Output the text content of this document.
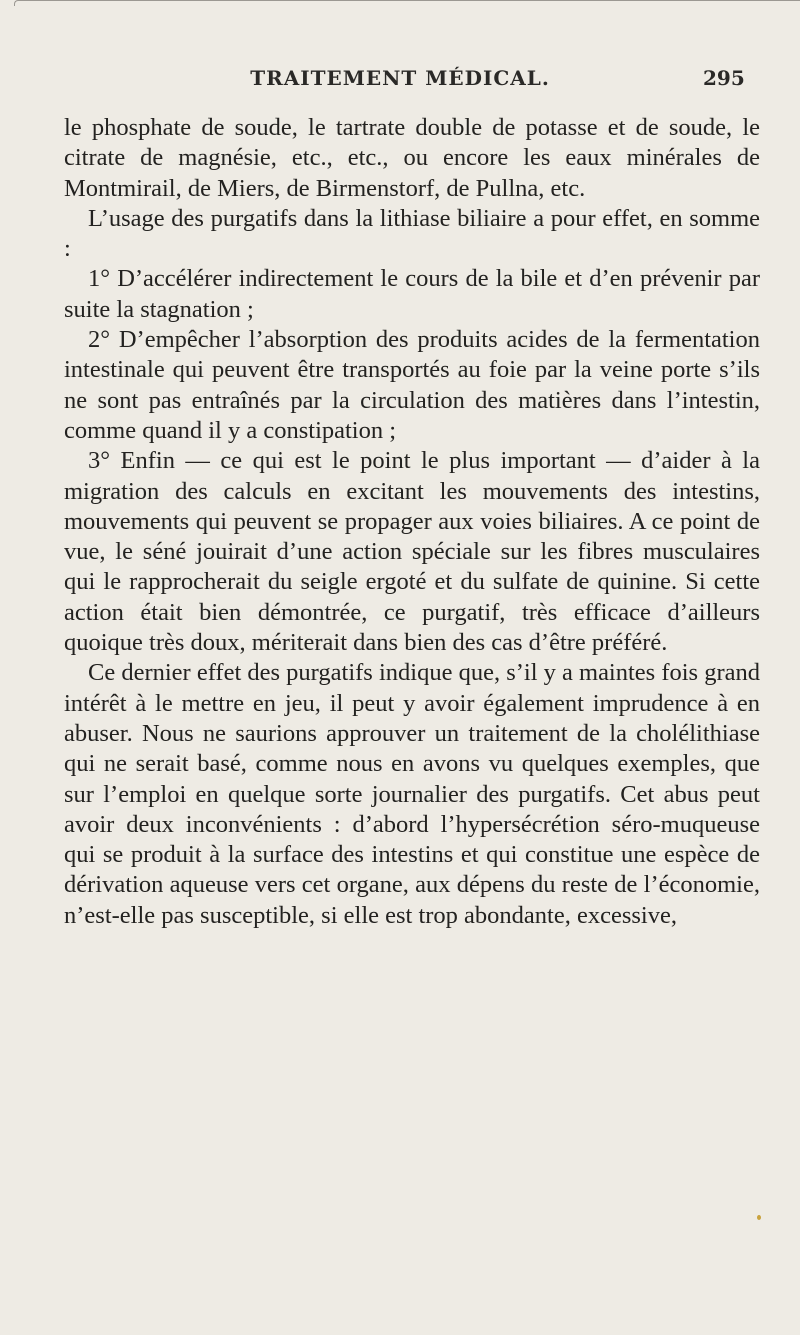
TRAITEMENT MÉDICAL.	295

le phosphate de soude, le tartrate double de potasse et de soude, le citrate de magnésie, etc., etc., ou encore les eaux minérales de Montmirail, de Miers, de Birmenstorf, de Pullna, etc.

L’usage des purgatifs dans la lithiase biliaire a pour effet, en somme :

1° D’accélérer indirectement le cours de la bile et d’en prévenir par suite la stagnation ;

2° D’empêcher l’absorption des produits acides de la fermentation intestinale qui peuvent être transportés au foie par la veine porte s’ils ne sont pas entraînés par la circulation des matières dans l’intestin, comme quand il y a constipation ;

3° Enfin — ce qui est le point le plus important — d’aider à la migration des calculs en excitant les mouvements des intestins, mouvements qui peuvent se propager aux voies biliaires. A ce point de vue, le séné jouirait d’une action spéciale sur les fibres musculaires qui le rapprocherait du seigle ergoté et du sulfate de quinine. Si cette action était bien démontrée, ce purgatif, très efficace d’ailleurs quoique très doux, mériterait dans bien des cas d’être préféré.

Ce dernier effet des purgatifs indique que, s’il y a maintes fois grand intérêt à le mettre en jeu, il peut y avoir également imprudence à en abuser. Nous ne saurions approuver un traitement de la cholélithiase qui ne serait basé, comme nous en avons vu quelques exemples, que sur l’emploi en quelque sorte journalier des purgatifs. Cet abus peut avoir deux inconvénients : d’abord l’hypersécrétion séro-muqueuse qui se produit à la surface des intestins et qui constitue une espèce de dérivation aqueuse vers cet organe, aux dépens du reste de l’économie, n’est-elle pas susceptible, si elle est trop abondante, excessive,
